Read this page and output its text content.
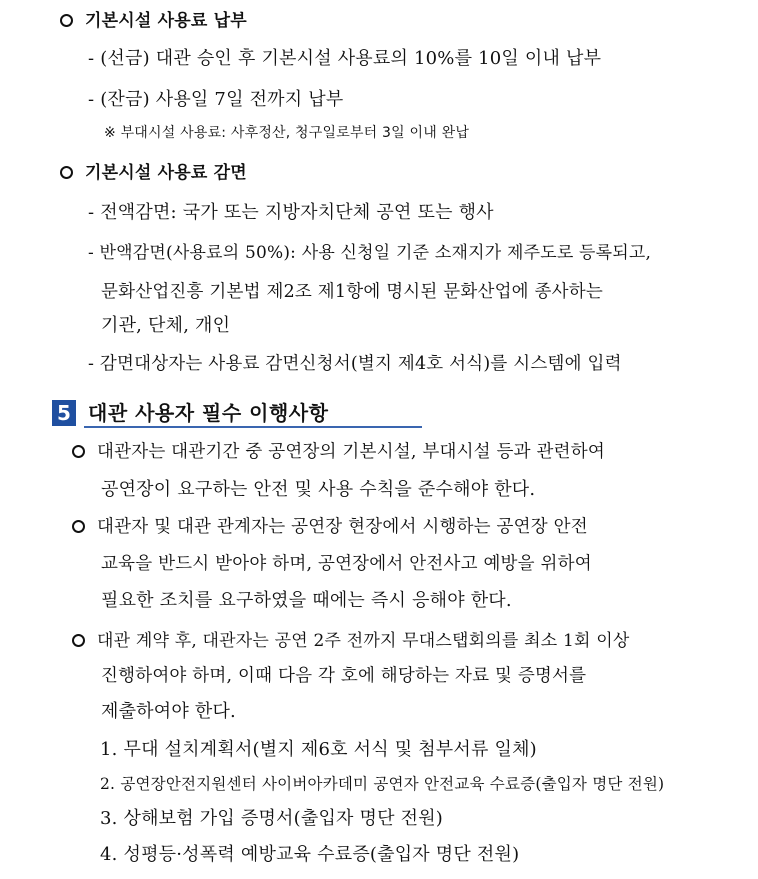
기본시설 사용료 납부
- (선금) 대관 승인 후 기본시설 사용료의 10%를 10일 이내 납부
- (잔금) 사용일 7일 전까지 납부
※ 부대시설 사용료: 사후정산, 청구일로부터 3일 이내 완납
기본시설 사용료 감면
- 전액감면: 국가 또는 지방자치단체 공연 또는 행사
- 반액감면(사용료의 50%): 사용 신청일 기준 소재지가 제주도로 등록되고,
문화산업진흥 기본법 제2조 제1항에 명시된 문화산업에 종사하는
기관, 단체, 개인
- 감면대상자는 사용료 감면신청서(별지 제4호 서식)를 시스템에 입력
5 대관 사용자 필수 이행사항
대관자는 대관기간 중 공연장의 기본시설, 부대시설 등과 관련하여
공연장이 요구하는 안전 및 사용 수칙을 준수해야 한다.
대관자 및 대관 관계자는 공연장 현장에서 시행하는 공연장 안전
교육을 반드시 받아야 하며, 공연장에서 안전사고 예방을 위하여
필요한 조치를 요구하였을 때에는 즉시 응해야 한다.
대관 계약 후, 대관자는 공연 2주 전까지 무대스탭회의를 최소 1회 이상
진행하여야 하며, 이때 다음 각 호에 해당하는 자료 및 증명서를
제출하여야 한다.
1. 무대 설치계획서(별지 제6호 서식 및 첨부서류 일체)
2. 공연장안전지원센터 사이버아카데미 공연자 안전교육 수료증(출입자 명단 전원)
3. 상해보험 가입 증명서(출입자 명단 전원)
4. 성평등·성폭력 예방교육 수료증(출입자 명단 전원)
